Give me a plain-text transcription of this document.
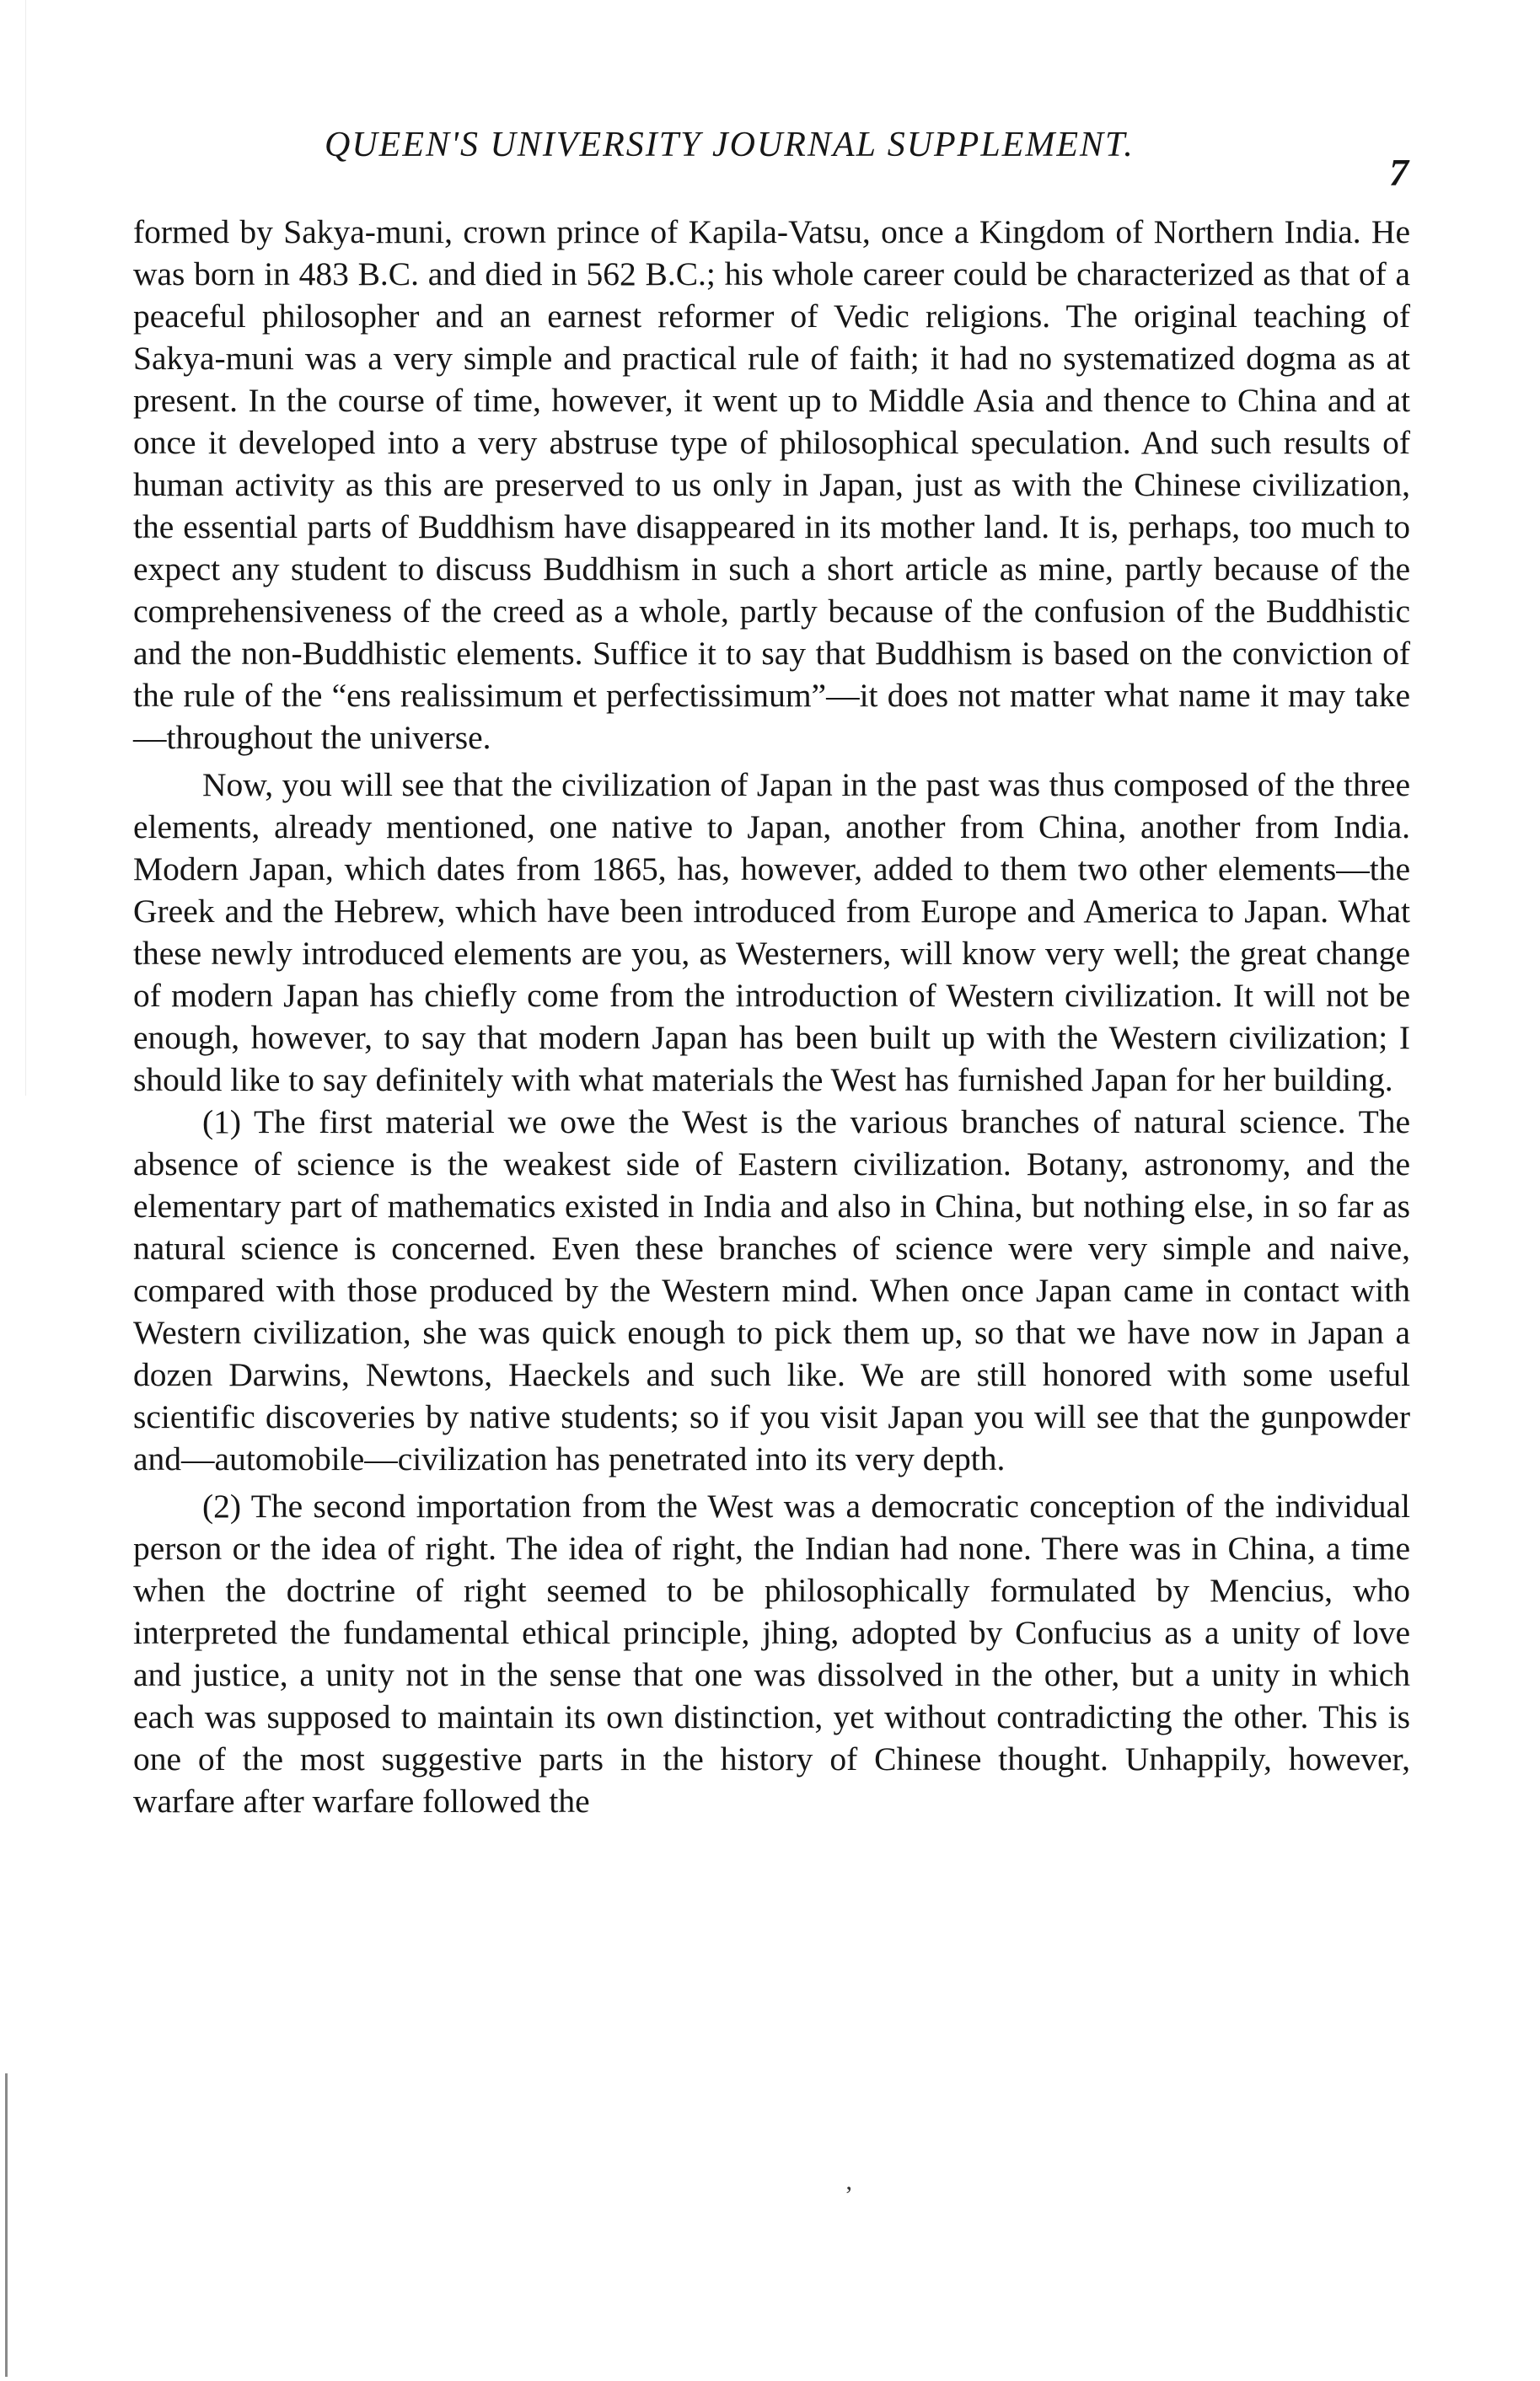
QUEEN'S UNIVERSITY JOURNAL SUPPLEMENT.
7

formed by Sakya-muni, crown prince of Kapila-Vatsu, once a Kingdom of Northern India. He was born in 483 B.C. and died in 562 B.C.; his whole career could be characterized as that of a peaceful philosopher and an earnest reformer of Vedic religions. The original teaching of Sakya-muni was a very simple and practical rule of faith; it had no systematized dogma as at present. In the course of time, however, it went up to Middle Asia and thence to China and at once it developed into a very abstruse type of philosophical speculation. And such results of human activity as this are preserved to us only in Japan, just as with the Chinese civilization, the essential parts of Buddhism have disappeared in its mother land. It is, perhaps, too much to expect any student to discuss Buddhism in such a short article as mine, partly because of the comprehensiveness of the creed as a whole, partly because of the confusion of the Buddhistic and the non-Buddhistic elements. Suffice it to say that Buddhism is based on the conviction of the rule of the “ens realissimum et perfectissimum”—it does not matter what name it may take—throughout the universe.

Now, you will see that the civilization of Japan in the past was thus composed of the three elements, already mentioned, one native to Japan, another from China, another from India. Modern Japan, which dates from 1865, has, however, added to them two other elements—the Greek and the Hebrew, which have been introduced from Europe and America to Japan. What these newly introduced elements are you, as Westerners, will know very well; the great change of modern Japan has chiefly come from the introduction of Western civilization. It will not be enough, however, to say that modern Japan has been built up with the Western civilization; I should like to say definitely with what materials the West has furnished Japan for her building.

(1) The first material we owe the West is the various branches of natural science. The absence of science is the weakest side of Eastern civilization. Botany, astronomy, and the elementary part of mathematics existed in India and also in China, but nothing else, in so far as natural science is concerned. Even these branches of science were very simple and naive, compared with those produced by the Western mind. When once Japan came in contact with Western civilization, she was quick enough to pick them up, so that we have now in Japan a dozen Darwins, Newtons, Haeckels and such like. We are still honored with some useful scientific discoveries by native students; so if you visit Japan you will see that the gunpowder and—automobile—civilization has penetrated into its very depth.

(2) The second importation from the West was a democratic conception of the individual person or the idea of right. The idea of right, the Indian had none. There was in China, a time when the doctrine of right seemed to be philosophically formulated by Mencius, who interpreted the fundamental ethical principle, jhing, adopted by Confucius as a unity of love and justice, a unity not in the sense that one was dissolved in the other, but a unity in which each was supposed to maintain its own distinction, yet without contradicting the other. This is one of the most suggestive parts in the history of Chinese thought. Unhappily, however, warfare after warfare followed the

’
